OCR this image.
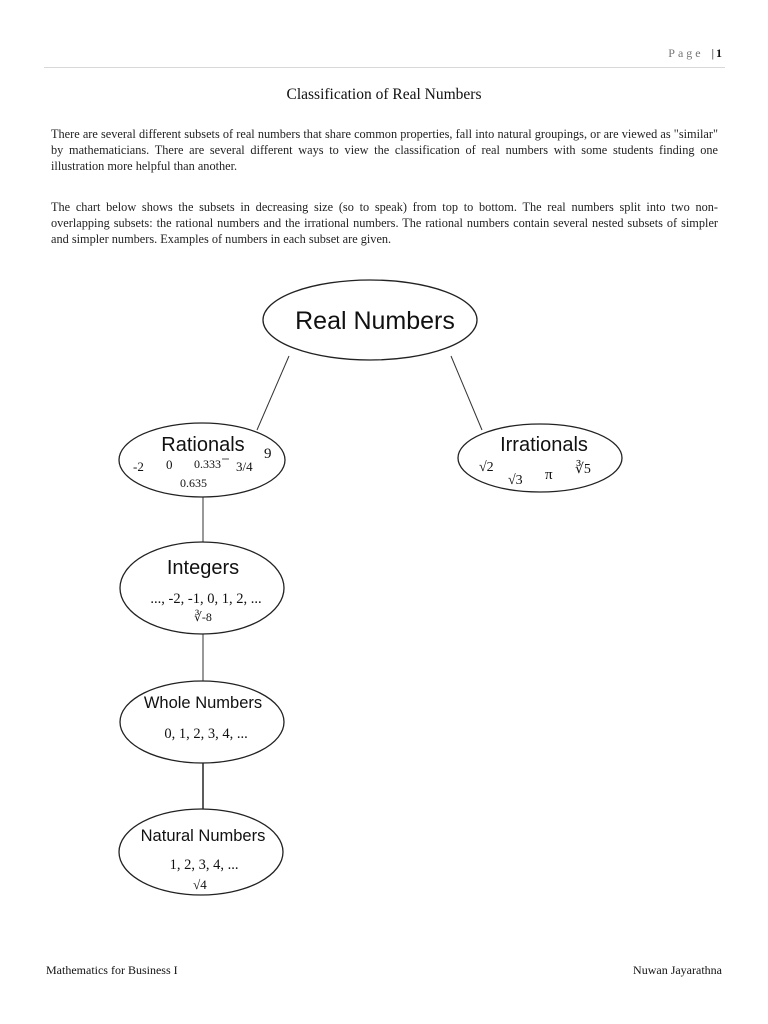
Page | 1
Classification of Real Numbers

There are several different subsets of real numbers that share common properties, fall into natural groupings, or are viewed as "similar" by mathematicians. There are several different ways to view the classification of real numbers with some students finding one illustration more helpful than another.

The chart below shows the subsets in decreasing size (so to speak) from top to bottom. The real numbers split into two non-overlapping subsets: the rational numbers and the irrational numbers. The rational numbers contain several nested subsets of simpler and simpler numbers. Examples of numbers in each subset are given.

Real Numbers
Rationals
-2 0 0.333 3/4
9
0.635
Irrationals
√2
√3 π ∛5
Integers
..., -2, -1, 0, 1, 2, ...
∛-8
Whole Numbers
0, 1, 2, 3, 4, ...
Natural Numbers
1, 2, 3, 4, ...
√4
Mathematics for Business I	Nuwan Jayarathna
